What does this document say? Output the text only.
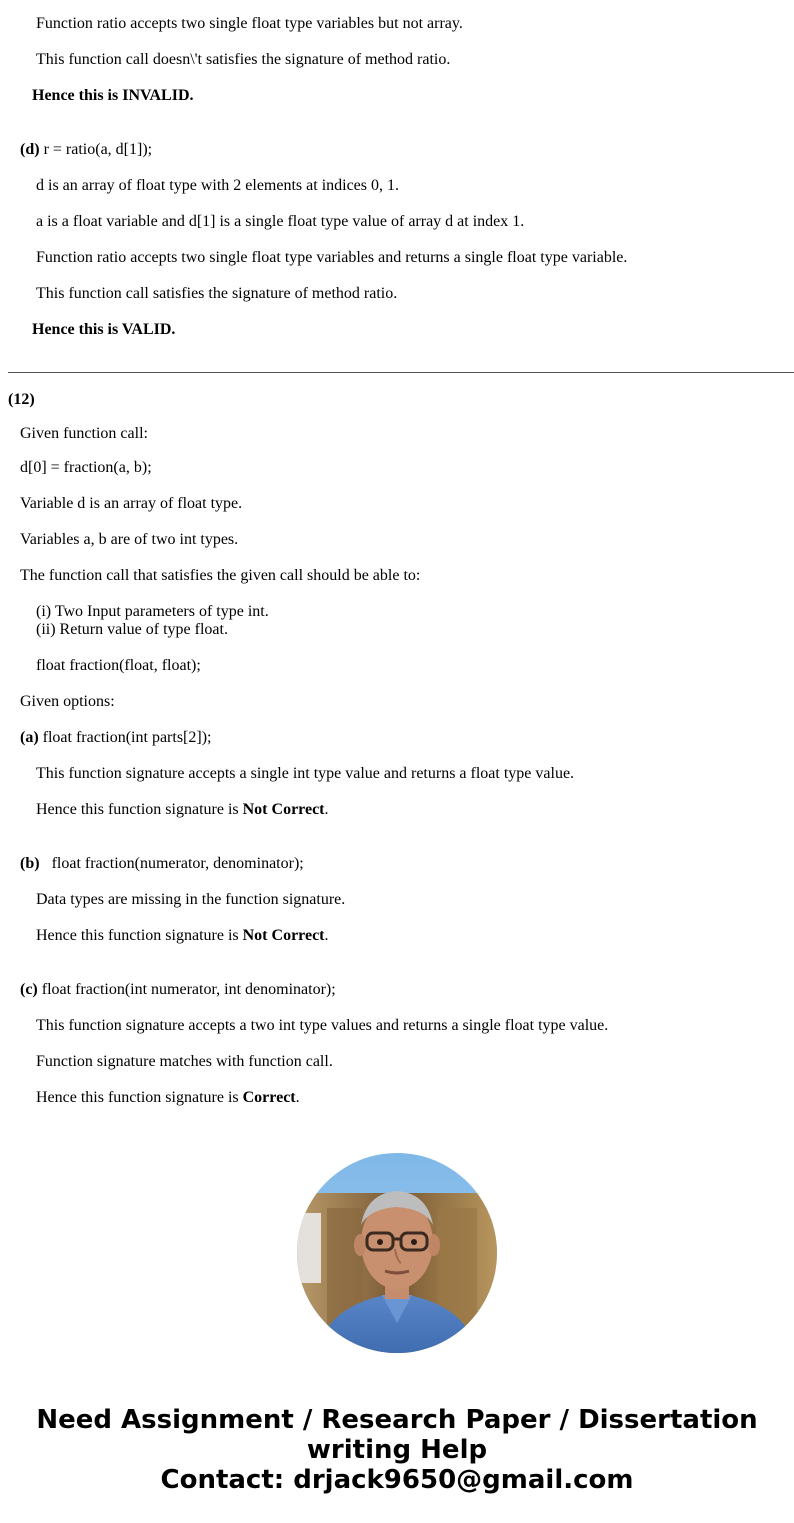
Function ratio accepts two single float type variables but not array.
This function call doesn\'t satisfies the signature of method ratio.
Hence this is INVALID.
(d) r = ratio(a, d[1]);
d is an array of float type with 2 elements at indices 0, 1.
a is a float variable and d[1] is a single float type value of array d at index 1.
Function ratio accepts two single float type variables and returns a single float type variable.
This function call satisfies the signature of method ratio.
Hence this is VALID.
(12)
Given function call:
d[0] = fraction(a, b);
Variable d is an array of float type.
Variables a, b are of two int types.
The function call that satisfies the given call should be able to:
(i) Two Input parameters of type int.
(ii) Return value of type float.
float fraction(float, float);
Given options:
(a) float fraction(int parts[2]);
This function signature accepts a single int type value and returns a float type value.
Hence this function signature is Not Correct.
(b)   float fraction(numerator, denominator);
Data types are missing in the function signature.
Hence this function signature is Not Correct.
(c) float fraction(int numerator, int denominator);
This function signature accepts a two int type values and returns a single float type value.
Function signature matches with function call.
Hence this function signature is Correct.
Need Assignment / Research Paper / Dissertation
writing Help
Contact: drjack9650@gmail.com
